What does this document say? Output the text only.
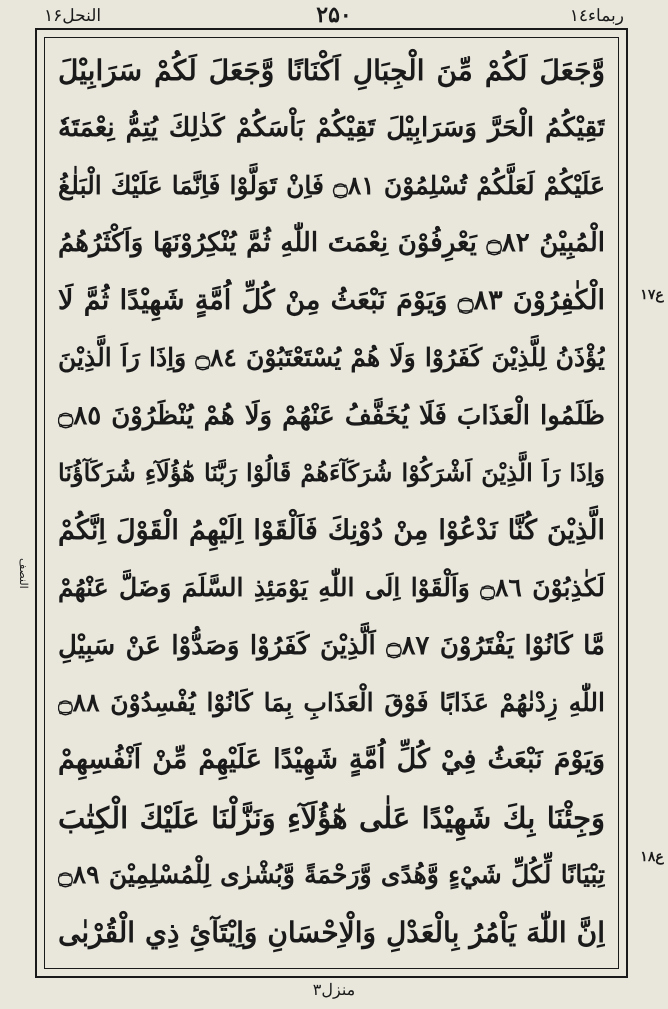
النحل۱۶	۲۵۰	ربماء١٤
وَّجَعَلَ لَكُمْ مِّنَ الْجِبَالِ اَكْنَانًا وَّجَعَلَ لَكُمْ سَرَابِيْلَ
تَقِيْكُمُ الْحَرَّ وَسَرَابِيْلَ تَقِيْكُمْ بَاْسَكُمْ كَذٰلِكَ يُتِمُّ نِعْمَتَهٗ
عَلَيْكُمْ لَعَلَّكُمْ تُسْلِمُوْنَ ۝٨١ فَاِنْ تَوَلَّوْا فَاِنَّمَا عَلَيْكَ الْبَلٰغُ
الْمُبِيْنُ ۝٨٢ يَعْرِفُوْنَ نِعْمَتَ اللّٰهِ ثُمَّ يُنْكِرُوْنَهَا وَاَكْثَرُهُمُ
الْكٰفِرُوْنَ ۝٨٣ وَيَوْمَ نَبْعَثُ مِنْ كُلِّ اُمَّةٍ شَهِيْدًا ثُمَّ لَا
يُؤْذَنُ لِلَّذِيْنَ كَفَرُوْا وَلَا هُمْ يُسْتَعْتَبُوْنَ ۝٨٤ وَاِذَا رَاَ الَّذِيْنَ
ظَلَمُوا الْعَذَابَ فَلَا يُخَفَّفُ عَنْهُمْ وَلَا هُمْ يُنْظَرُوْنَ ۝٨٥
وَاِذَا رَاَ الَّذِيْنَ اَشْرَكُوْا شُرَكَآءَهُمْ قَالُوْا رَبَّنَا هٰٓؤُلَآءِ شُرَكَآؤُنَا
الَّذِيْنَ كُنَّا نَدْعُوْا مِنْ دُوْنِكَ فَاَلْقَوْا اِلَيْهِمُ الْقَوْلَ اِنَّكُمْ
لَكٰذِبُوْنَ ۝٨٦ وَاَلْقَوْا اِلَى اللّٰهِ يَوْمَئِذِ السَّلَمَ وَضَلَّ عَنْهُمْ
مَّا كَانُوْا يَفْتَرُوْنَ ۝٨٧ اَلَّذِيْنَ كَفَرُوْا وَصَدُّوْا عَنْ سَبِيْلِ
اللّٰهِ زِدْنٰهُمْ عَذَابًا فَوْقَ الْعَذَابِ بِمَا كَانُوْا يُفْسِدُوْنَ ۝٨٨
وَيَوْمَ نَبْعَثُ فِيْ كُلِّ اُمَّةٍ شَهِيْدًا عَلَيْهِمْ مِّنْ اَنْفُسِهِمْ
وَجِئْنَا بِكَ شَهِيْدًا عَلٰى هٰٓؤُلَآءِ وَنَزَّلْنَا عَلَيْكَ الْكِتٰبَ
تِبْيَانًا لِّكُلِّ شَيْءٍ وَّهُدًى وَّرَحْمَةً وَّبُشْرٰى لِلْمُسْلِمِيْنَ ۝٨٩
اِنَّ اللّٰهَ يَاْمُرُ بِالْعَدْلِ وَالْاِحْسَانِ وَاِيْتَآئِ ذِي الْقُرْبٰى
ع١٧
ع١٨
النصف
منزل٣
